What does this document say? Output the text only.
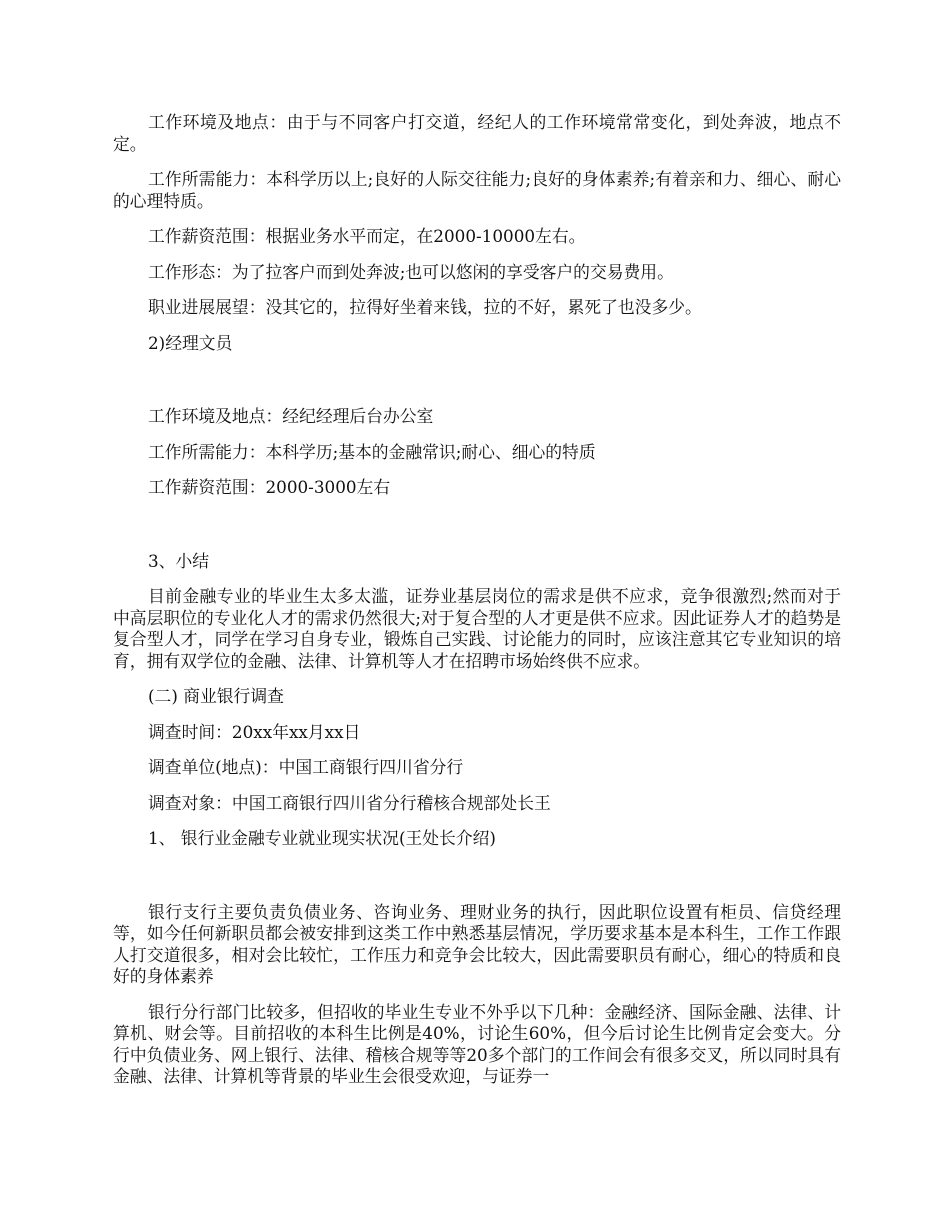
工作环境及地点：由于与不同客户打交道，经纪人的工作环境常常变化，到处奔波，地点不定。

工作所需能力：本科学历以上;良好的人际交往能力;良好的身体素养;有着亲和力、细心、耐心的心理特质。

工作薪资范围：根据业务水平而定，在2000-10000左右。

工作形态：为了拉客户而到处奔波;也可以悠闲的享受客户的交易费用。

职业进展展望：没其它的，拉得好坐着来钱，拉的不好，累死了也没多少。

2)经理文员

工作环境及地点：经纪经理后台办公室

工作所需能力：本科学历;基本的金融常识;耐心、细心的特质

工作薪资范围：2000-3000左右

3、小结

目前金融专业的毕业生太多太滥，证券业基层岗位的需求是供不应求，竞争很激烈;然而对于中高层职位的专业化人才的需求仍然很大;对于复合型的人才更是供不应求。因此证券人才的趋势是复合型人才，同学在学习自身专业，锻炼自己实践、讨论能力的同时，应该注意其它专业知识的培育，拥有双学位的金融、法律、计算机等人才在招聘市场始终供不应求。

(二) 商业银行调查

调查时间：20xx年xx月xx日

调查单位(地点)：中国工商银行四川省分行

调查对象：中国工商银行四川省分行稽核合规部处长王

1、 银行业金融专业就业现实状况(王处长介绍)

银行支行主要负责负债业务、咨询业务、理财业务的执行，因此职位设置有柜员、信贷经理等，如今任何新职员都会被安排到这类工作中熟悉基层情况，学历要求基本是本科生，工作工作跟人打交道很多，相对会比较忙，工作压力和竞争会比较大，因此需要职员有耐心，细心的特质和良好的身体素养

银行分行部门比较多，但招收的毕业生专业不外乎以下几种：金融经济、国际金融、法律、计算机、财会等。目前招收的本科生比例是40%，讨论生60%，但今后讨论生比例肯定会变大。分行中负债业务、网上银行、法律、稽核合规等等20多个部门的工作间会有很多交叉，所以同时具有金融、法律、计算机等背景的毕业生会很受欢迎，与证券一
